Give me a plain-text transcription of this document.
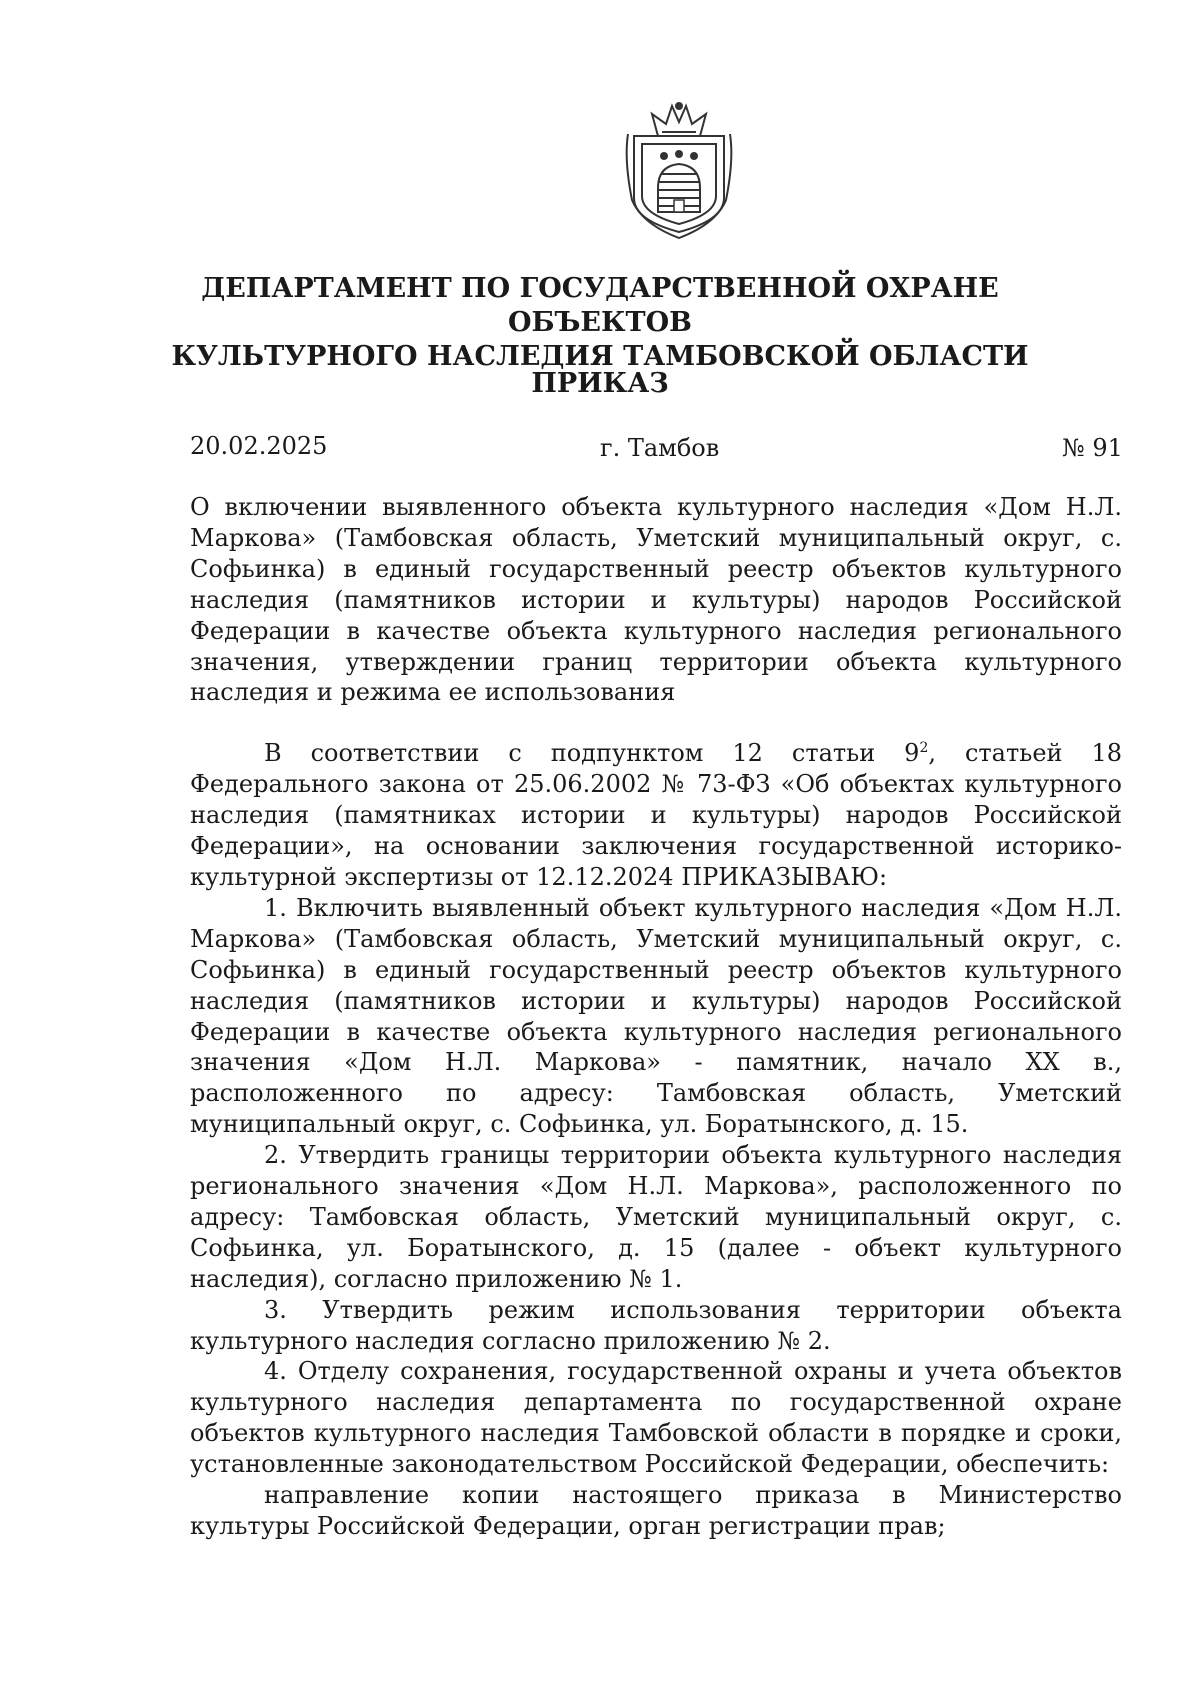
ДЕПАРТАМЕНТ ПО ГОСУДАРСТВЕННОЙ ОХРАНЕ ОБЪЕКТОВ
КУЛЬТУРНОГО НАСЛЕДИЯ ТАМБОВСКОЙ ОБЛАСТИ
ПРИКАЗ
20.02.2025	г. Тамбов	№ 91

О включении выявленного объекта культурного наследия «Дом Н.Л. Маркова» (Тамбовская область, Уметский муниципальный округ, с. Софьинка) в единый государственный реестр объектов культурного наследия (памятников истории и культуры) народов Российской Федерации в качестве объекта культурного наследия регионального значения, утверждении границ территории объекта культурного наследия и режима ее использования

В соответствии с подпунктом 12 статьи $9^2$, статьей 18 Федерального закона от 25.06.2002 № 73-ФЗ «Об объектах культурного наследия (памятниках истории и культуры) народов Российской Федерации», на основании заключения государственной историко-культурной экспертизы от 12.12.2024 ПРИКАЗЫВАЮ:

1. Включить выявленный объект культурного наследия «Дом Н.Л. Маркова» (Тамбовская область, Уметский муниципальный округ, с. Софьинка) в единый государственный реестр объектов культурного наследия (памятников истории и культуры) народов Российской Федерации в качестве объекта культурного наследия регионального значения «Дом Н.Л. Маркова» - памятник, начало XX в., расположенного по адресу: Тамбовская область, Уметский муниципальный округ, с. Софьинка, ул. Боратынского, д. 15.

2. Утвердить границы территории объекта культурного наследия регионального значения «Дом Н.Л. Маркова», расположенного по адресу: Тамбовская область, Уметский муниципальный округ, с. Софьинка, ул. Боратынского, д. 15 (далее - объект культурного наследия), согласно приложению № 1.

3. Утвердить режим использования территории объекта культурного наследия согласно приложению № 2.

4. Отделу сохранения, государственной охраны и учета объектов культурного наследия департамента по государственной охране объектов культурного наследия Тамбовской области в порядке и сроки, установленные законодательством Российской Федерации, обеспечить:

направление копии настоящего приказа в Министерство культуры Российской Федерации, орган регистрации прав;
